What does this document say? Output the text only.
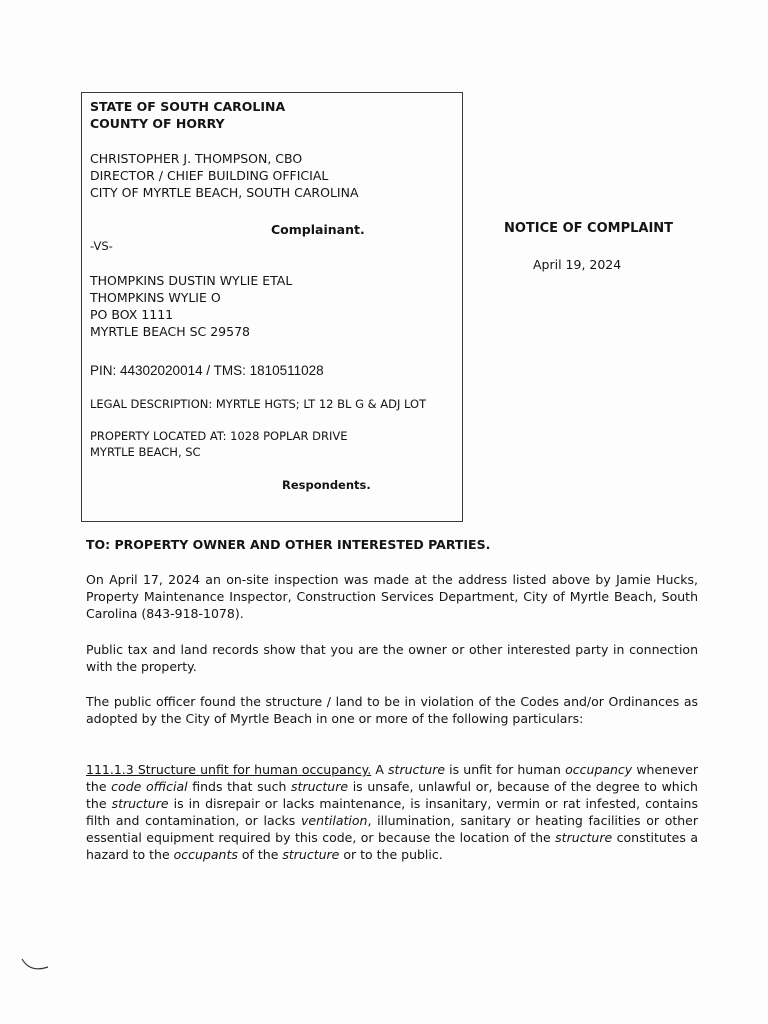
STATE OF SOUTH CAROLINA
COUNTY OF HORRY
CHRISTOPHER J. THOMPSON, CBO
DIRECTOR / CHIEF BUILDING OFFICIAL
CITY OF MYRTLE BEACH, SOUTH CAROLINA
Complainant.
-VS-
THOMPKINS DUSTIN WYLIE ETAL
THOMPKINS WYLIE O
PO BOX 1111
MYRTLE BEACH SC 29578
PIN: 44302020014 / TMS: 1810511028
LEGAL DESCRIPTION: MYRTLE HGTS; LT 12 BL G & ADJ LOT
PROPERTY LOCATED AT: 1028 POPLAR DRIVE
MYRTLE BEACH, SC
Respondents.
NOTICE OF COMPLAINT
April 19, 2024
TO: PROPERTY OWNER AND OTHER INTERESTED PARTIES.
On April 17, 2024 an on-site inspection was made at the address listed above by Jamie Hucks, Property Maintenance Inspector, Construction Services Department, City of Myrtle Beach, South Carolina (843-918-1078).
Public tax and land records show that you are the owner or other interested party in connection with the property.
The public officer found the structure / land to be in violation of the Codes and/or Ordinances as adopted by the City of Myrtle Beach in one or more of the following particulars:
111.1.3 Structure unfit for human occupancy. A structure is unfit for human occupancy whenever the code official finds that such structure is unsafe, unlawful or, because of the degree to which the structure is in disrepair or lacks maintenance, is insanitary, vermin or rat infested, contains filth and contamination, or lacks ventilation, illumination, sanitary or heating facilities or other essential equipment required by this code, or because the location of the structure constitutes a hazard to the occupants of the structure or to the public.
